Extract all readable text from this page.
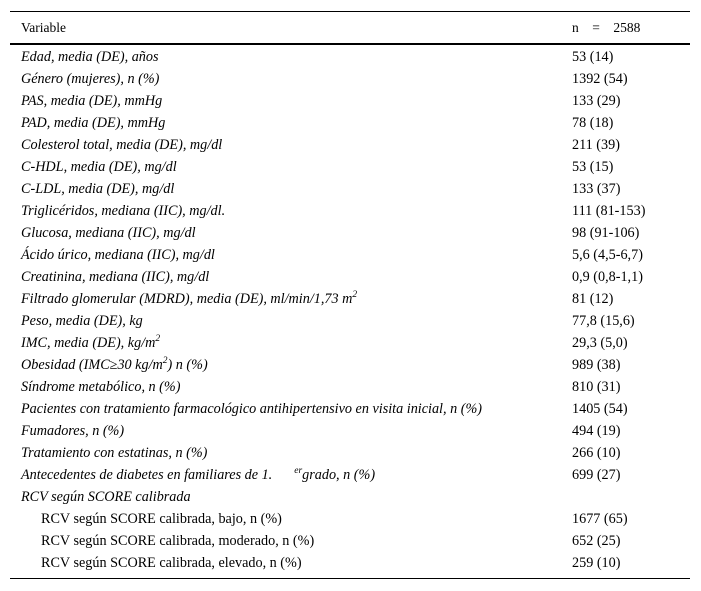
Variable	n    =    2588
Edad, media (DE), años	53 (14)
Género (mujeres), n (%)	1392 (54)
PAS, media (DE), mmHg	133 (29)
PAD, media (DE), mmHg	78 (18)
Colesterol total, media (DE), mg/dl	211 (39)
C-HDL, media (DE), mg/dl	53 (15)
C-LDL, media (DE), mg/dl	133 (37)
Triglicéridos, mediana (IIC), mg/dl.	111 (81-153)
Glucosa, mediana (IIC), mg/dl	98 (91-106)
Ácido úrico, mediana (IIC), mg/dl	5,6 (4,5-6,7)
Creatinina, mediana (IIC), mg/dl	0,9 (0,8-1,1)
Filtrado glomerular (MDRD), media (DE), ml/min/1,73 $m^2$	81 (12)
Peso, media (DE), kg	77,8 (15,6)
IMC, media (DE), $kg/m^2$	29,3 (5,0)
Obesidad (IMC≥30 $kg/m^2$) n (%)	989 (38)
Síndrome metabólico, n (%)	810 (31)
Pacientes con tratamiento farmacológico antihipertensivo en visita inicial, n (%)	1405 (54)
Fumadores, n (%)	494 (19)
Tratamiento con estatinas, n (%)	266 (10)
Antecedentes de diabetes en familiares de 1. $^{er}$grado, n (%)	699 (27)
RCV según SCORE calibrada
RCV según SCORE calibrada, bajo, n (%)	1677 (65)
RCV según SCORE calibrada, moderado, n (%)	652 (25)
RCV según SCORE calibrada, elevado, n (%)	259 (10)
